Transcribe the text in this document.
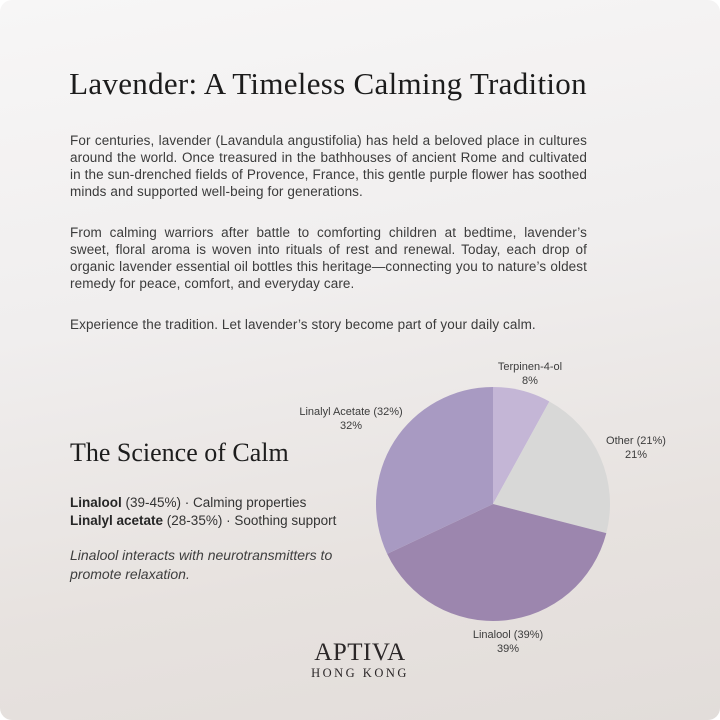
Lavender: A Timeless Calming Tradition

For centuries, lavender (Lavandula angustifolia) has held a beloved place in cultures around the world. Once treasured in the bathhouses of ancient Rome and cultivated in the sun-drenched fields of Provence, France, this gentle purple flower has soothed minds and supported well-being for generations.

From calming warriors after battle to comforting children at bedtime, lavender’s sweet, floral aroma is woven into rituals of rest and renewal. Today, each drop of organic lavender essential oil bottles this heritage—connecting you to nature’s oldest remedy for peace, comfort, and everyday care.

Experience the tradition. Let lavender’s story become part of your daily calm.

The Science of Calm

Linalool (39-45%) · Calming properties

Linalyl acetate (28-35%) · Soothing support

Linalool interacts with neurotransmitters to promote relaxation.

Terpinen-4-ol
8%
Other (21%)
21%
Linalool (39%)
39%
Linalyl Acetate (32%)
32%
APTIVA
HONG KONG
